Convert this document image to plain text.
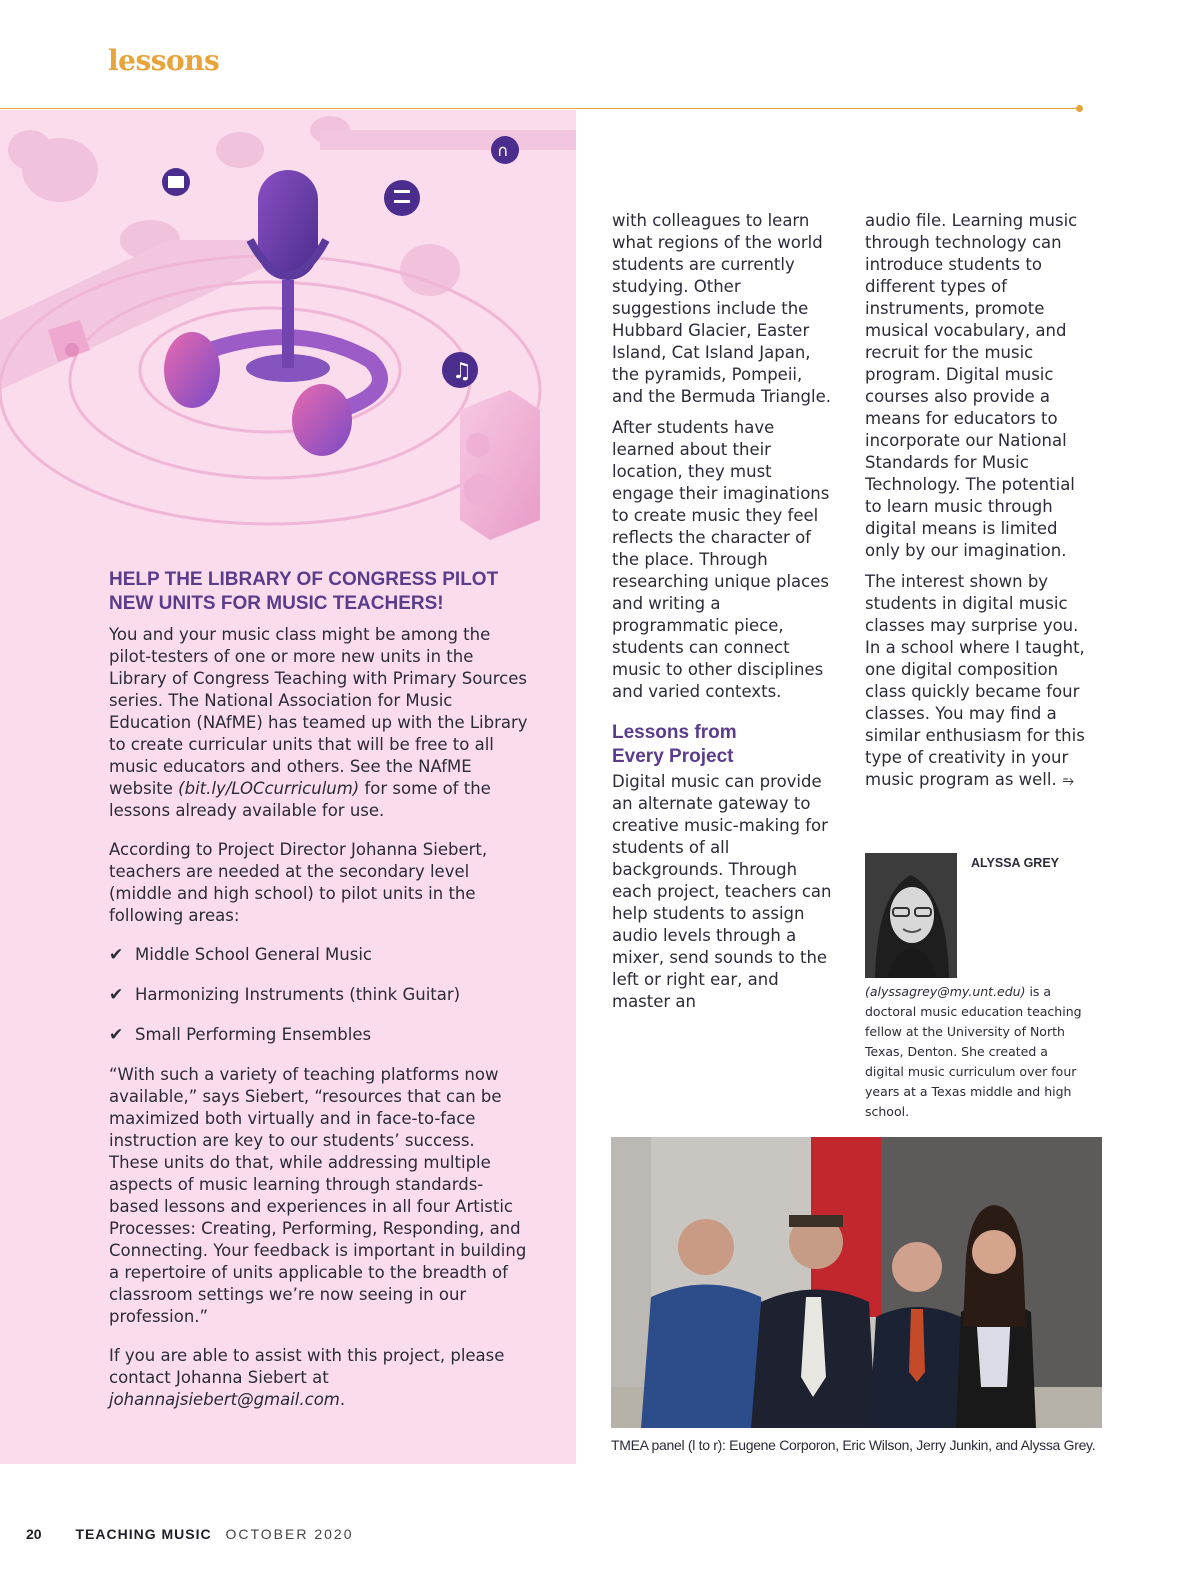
lessons
♫
∩
HELP THE LIBRARY OF CONGRESS PILOT NEW UNITS FOR MUSIC TEACHERS!

You and your music class might be among the pilot-testers of one or more new units in the Library of Congress Teaching with Primary Sources series. The National Association for Music Education (NAfME) has teamed up with the Library to create curricular units that will be free to all music educators and others. See the NAfME website (bit.ly/LOCcurriculum) for some of the lessons already available for use.

According to Project Director Johanna Siebert, teachers are needed at the secondary level (middle and high school) to pilot units in the following areas:

✔ Middle School General Music
✔ Harmonizing Instruments (think Guitar)
✔ Small Performing Ensembles

“With such a variety of teaching platforms now available,” says Siebert, “resources that can be maximized both virtually and in face-to-face instruction are key to our students’ success. These units do that, while addressing multiple aspects of music learning through standards-based lessons and experiences in all four Artistic Processes: Creating, Performing, Responding, and Connecting. Your feedback is important in building a repertoire of units applicable to the breadth of classroom settings we’re now seeing in our profession.”

If you are able to assist with this project, please contact Johanna Siebert at johannajsiebert@gmail.com.

with colleagues to learn what regions of the world students are currently studying. Other suggestions include the Hubbard Glacier, Easter Island, Cat Island Japan, the pyramids, Pompeii, and the Bermuda Triangle.

After students have learned about their location, they must engage their imaginations to create music they feel reflects the character of the place. Through researching unique places and writing a programmatic piece, students can connect music to other disciplines and varied contexts.

Lessons from
Every Project

Digital music can provide an alternate gateway to creative music-making for students of all backgrounds. Through each project, teachers can help students to assign audio levels through a mixer, send sounds to the left or right ear, and master an

audio file. Learning music through technology can introduce students to different types of instruments, promote musical vocabulary, and recruit for the music program. Digital music courses also provide a means for educators to incorporate our National Standards for Music Technology. The potential to learn music through digital means is limited only by our imagination.

The interest shown by students in digital music classes may surprise you. In a school where I taught, one digital composition class quickly became four classes. You may find a similar enthusiasm for this type of creativity in your music program as well. ⥱

ALYSSA GREY
(alyssagrey@my.unt.edu) is a doctoral music education teaching fellow at the University of North Texas, Denton. She created a digital music curriculum over four years at a Texas middle and high school.
TMEA panel (l to r): Eugene Corporon, Eric Wilson, Jerry Junkin, and Alyssa Grey.
20 TEACHING MUSIC OCTOBER 2020
